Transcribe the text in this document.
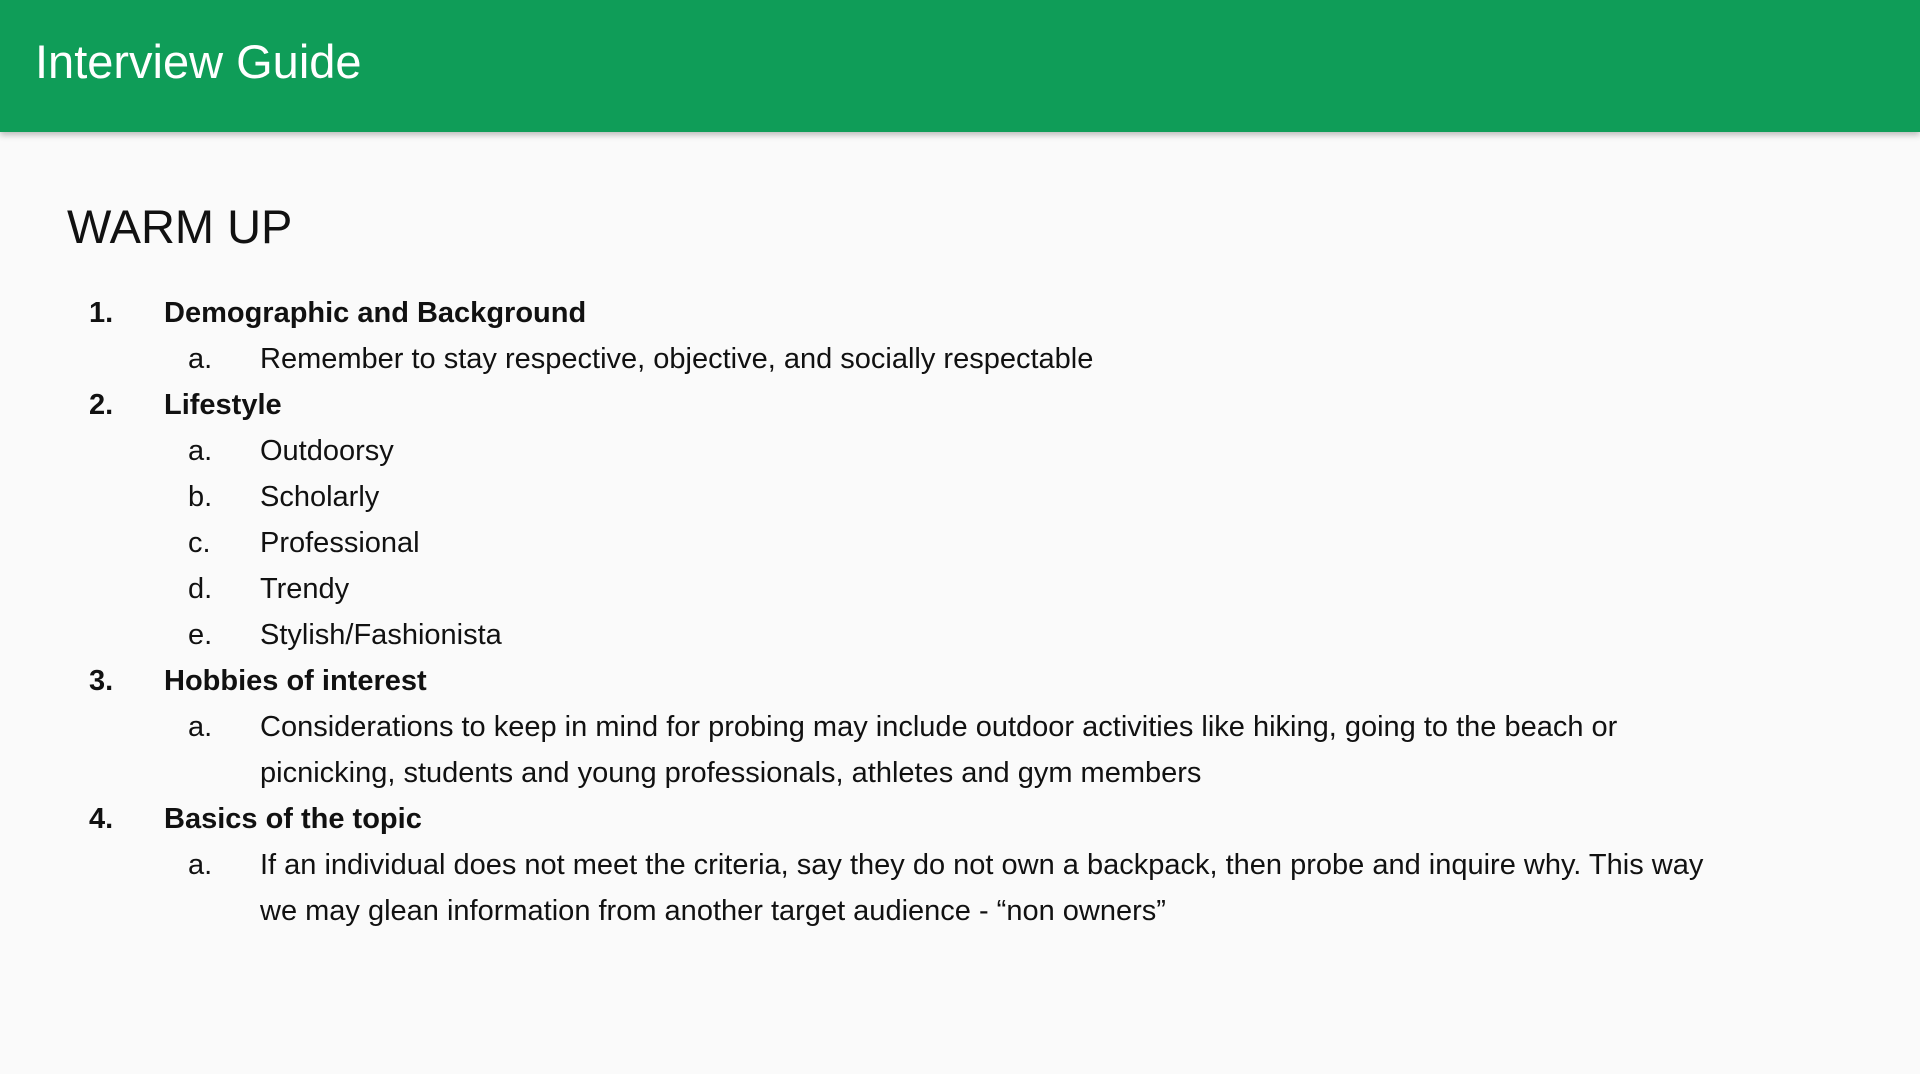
Interview Guide
WARM UP
1. Demographic and Background
a. Remember to stay respective, objective, and socially respectable
2. Lifestyle
a. Outdoorsy
b. Scholarly
c. Professional
d. Trendy
e. Stylish/Fashionista
3. Hobbies of interest
a. Considerations to keep in mind for probing may include outdoor activities like hiking, going to the beach or picnicking, students and young professionals, athletes and gym members
4. Basics of the topic
a. If an individual does not meet the criteria, say they do not own a backpack, then probe and inquire why. This way we may glean information from another target audience - “non owners”
